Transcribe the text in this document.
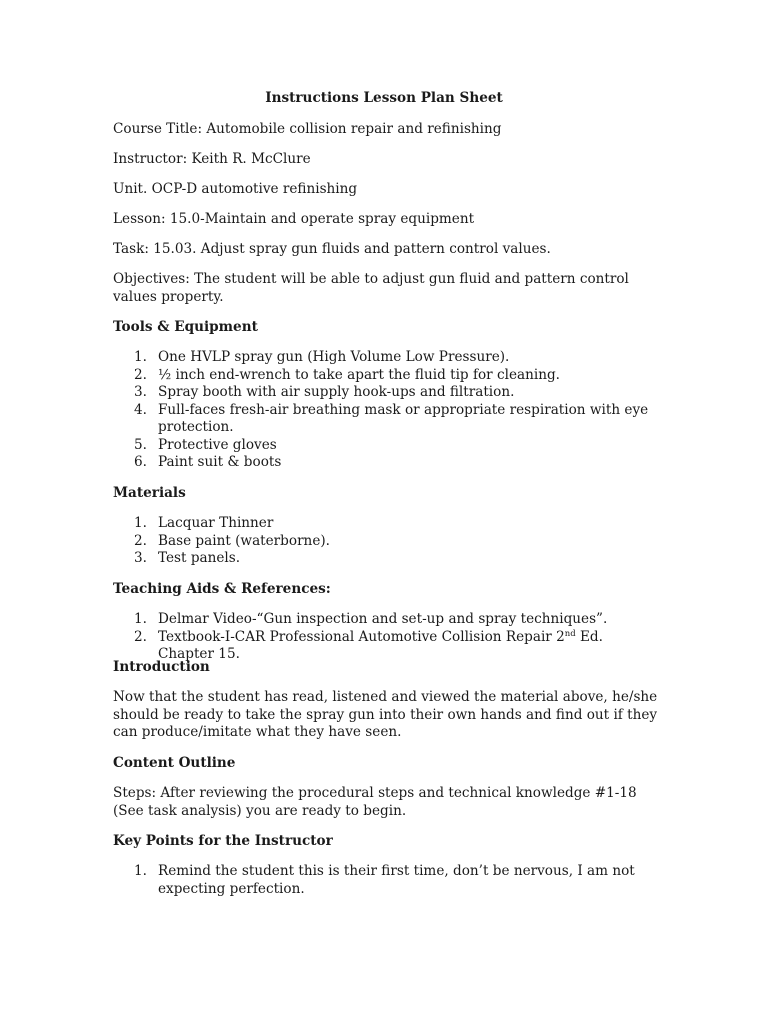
Instructions Lesson Plan Sheet

Course Title: Automobile collision repair and refinishing

Instructor: Keith R. McClure

Unit. OCP-D automotive refinishing

Lesson: 15.0-Maintain and operate spray equipment

Task: 15.03. Adjust spray gun fluids and pattern control values.

Objectives: The student will be able to adjust gun fluid and pattern control values property.

Tools & Equipment

1. One HVLP spray gun (High Volume Low Pressure).
2. ½ inch end-wrench to take apart the fluid tip for cleaning.
3. Spray booth with air supply hook-ups and filtration.
4. Full-faces fresh-air breathing mask or appropriate respiration with eye protection.
5. Protective gloves
6. Paint suit & boots

Materials

1. Lacquar Thinner
2. Base paint (waterborne).
3. Test panels.

Teaching Aids & References:

1. Delmar Video-“Gun inspection and set-up and spray techniques”.
2. Textbook-I-CAR Professional Automotive Collision Repair 2nd Ed. Chapter 15.

Introduction

Now that the student has read, listened and viewed the material above, he/she should be ready to take the spray gun into their own hands and find out if they can produce/imitate what they have seen.

Content Outline

Steps: After reviewing the procedural steps and technical knowledge #1-18 (See task analysis) you are ready to begin.

Key Points for the Instructor

1. Remind the student this is their first time, don’t be nervous, I am not expecting perfection.
